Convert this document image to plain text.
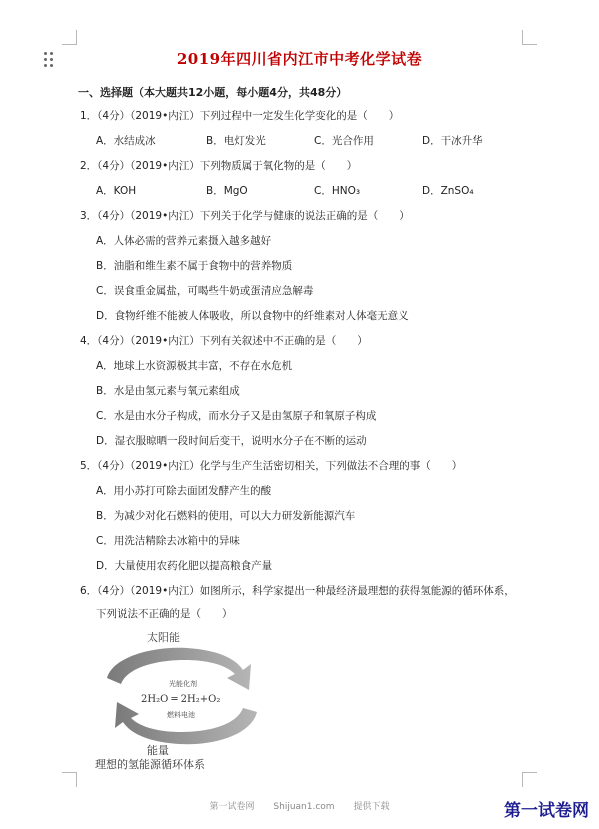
2019年四川省内江市中考化学试卷
一、选择题（本大题共12小题，每小题4分，共48分）
1．（4分）（2019•内江）下列过程中一定发生化学变化的是（　　）
A．水结成冰	B．电灯发光	C．光合作用	D．干冰升华
2．（4分）（2019•内江）下列物质属于氧化物的是（　　）
A．KOH	B．MgO	C．HNO₃	D．ZnSO₄
3．（4分）（2019•内江）下列关于化学与健康的说法正确的是（　　）
A．人体必需的营养元素摄入越多越好
B．油脂和维生素不属于食物中的营养物质
C．误食重金属盐，可喝些牛奶或蛋清应急解毒
D．食物纤维不能被人体吸收，所以食物中的纤维素对人体毫无意义
4．（4分）（2019•内江）下列有关叙述中不正确的是（　　）
A．地球上水资源极其丰富，不存在水危机
B．水是由氢元素与氧元素组成
C．水是由水分子构成，而水分子又是由氢原子和氧原子构成
D．湿衣服晾晒一段时间后变干，说明水分子在不断的运动
5．（4分）（2019•内江）化学与生产生活密切相关，下列做法不合理的事（　　）
A．用小苏打可除去面团发酵产生的酸
B．为减少对化石燃料的使用，可以大力研发新能源汽车
C．用洗洁精除去冰箱中的异味
D．大量使用农药化肥以提高粮食产量
6．（4分）（2019•内江）如图所示，科学家提出一种最经济最理想的获得氢能源的循环体系，
下列说法不正确的是（　　）
太阳能
光能化剂
2H₂O ═ 2H₂+O₂
燃料电池
能量
理想的氢能源循环体系
第一试卷网 Shijuan1.com 提供下载	第一试卷网
